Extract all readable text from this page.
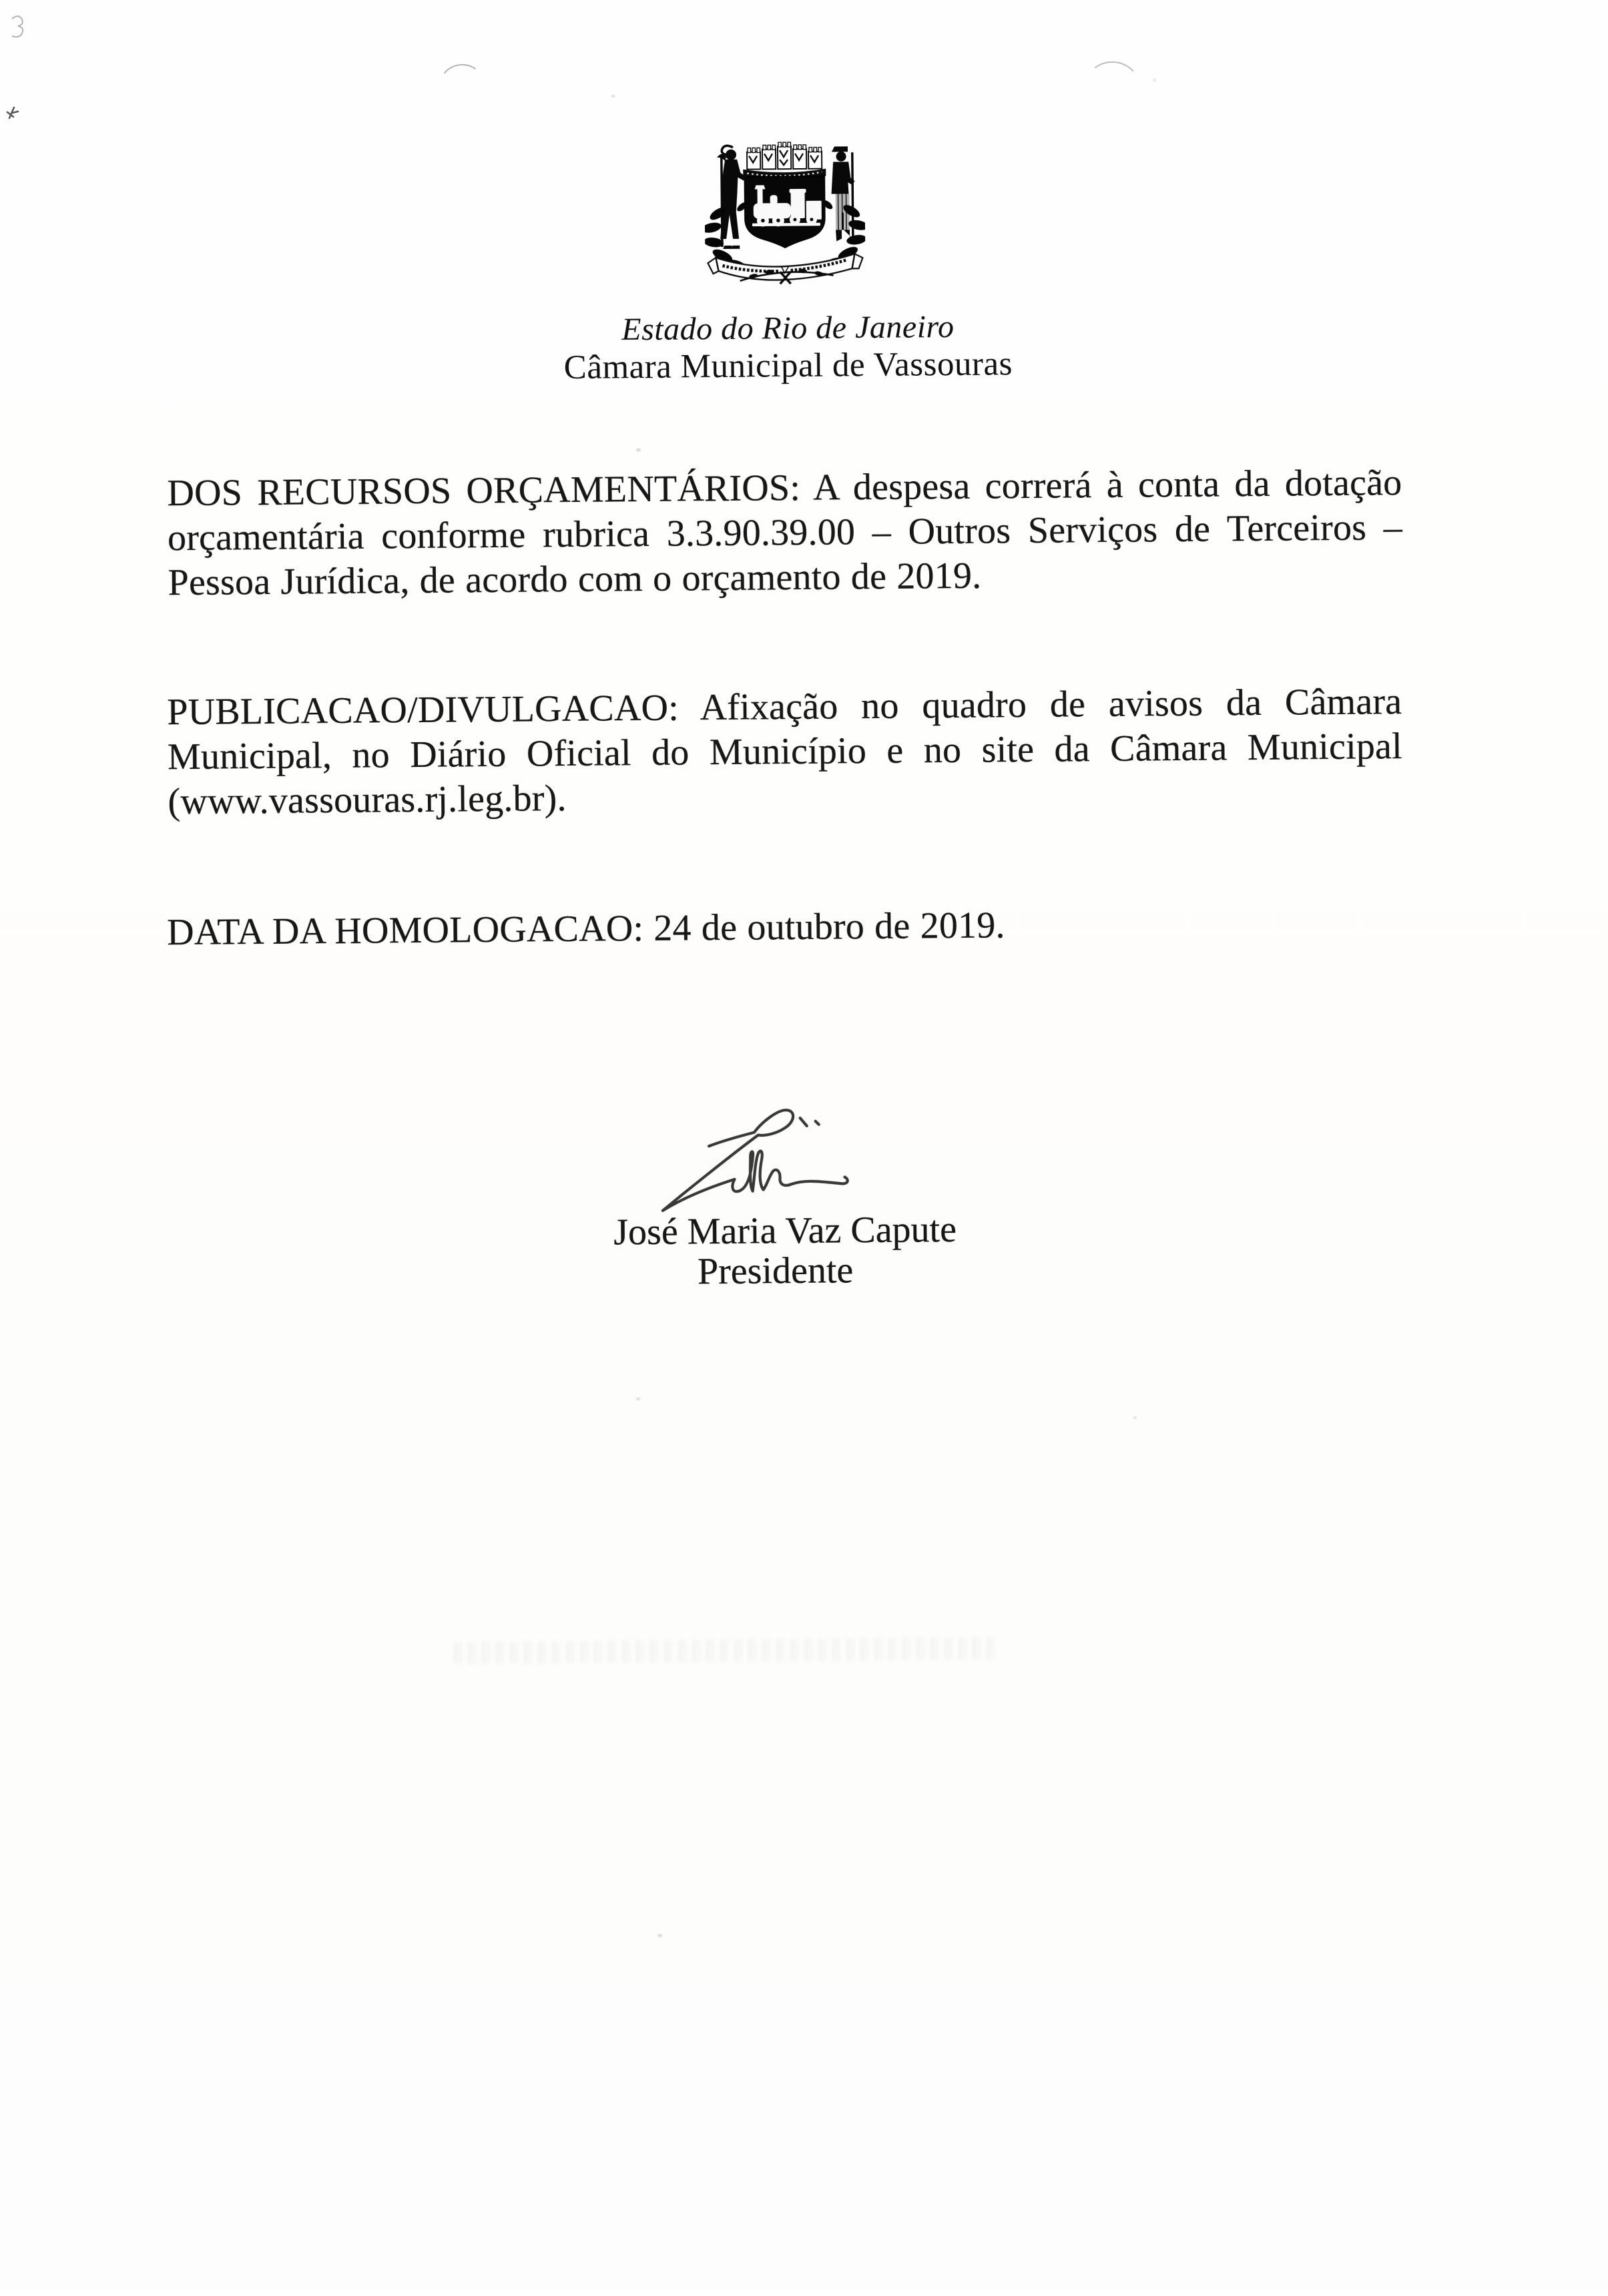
Estado do Rio de Janeiro
Câmara Municipal de Vassouras
DOS RECURSOS ORÇAMENTÁRIOS: A despesa correrá à conta da dotação
orçamentária conforme rubrica 3.3.90.39.00 – Outros Serviços de Terceiros –
Pessoa Jurídica, de acordo com o orçamento de 2019.
PUBLICACAO/DIVULGACAO: Afixação no quadro de avisos da Câmara
Municipal, no Diário Oficial do Município e no site da Câmara Municipal
(www.vassouras.rj.leg.br).
DATA DA HOMOLOGACAO: 24 de outubro de 2019.
José Maria Vaz Capute
Presidente
